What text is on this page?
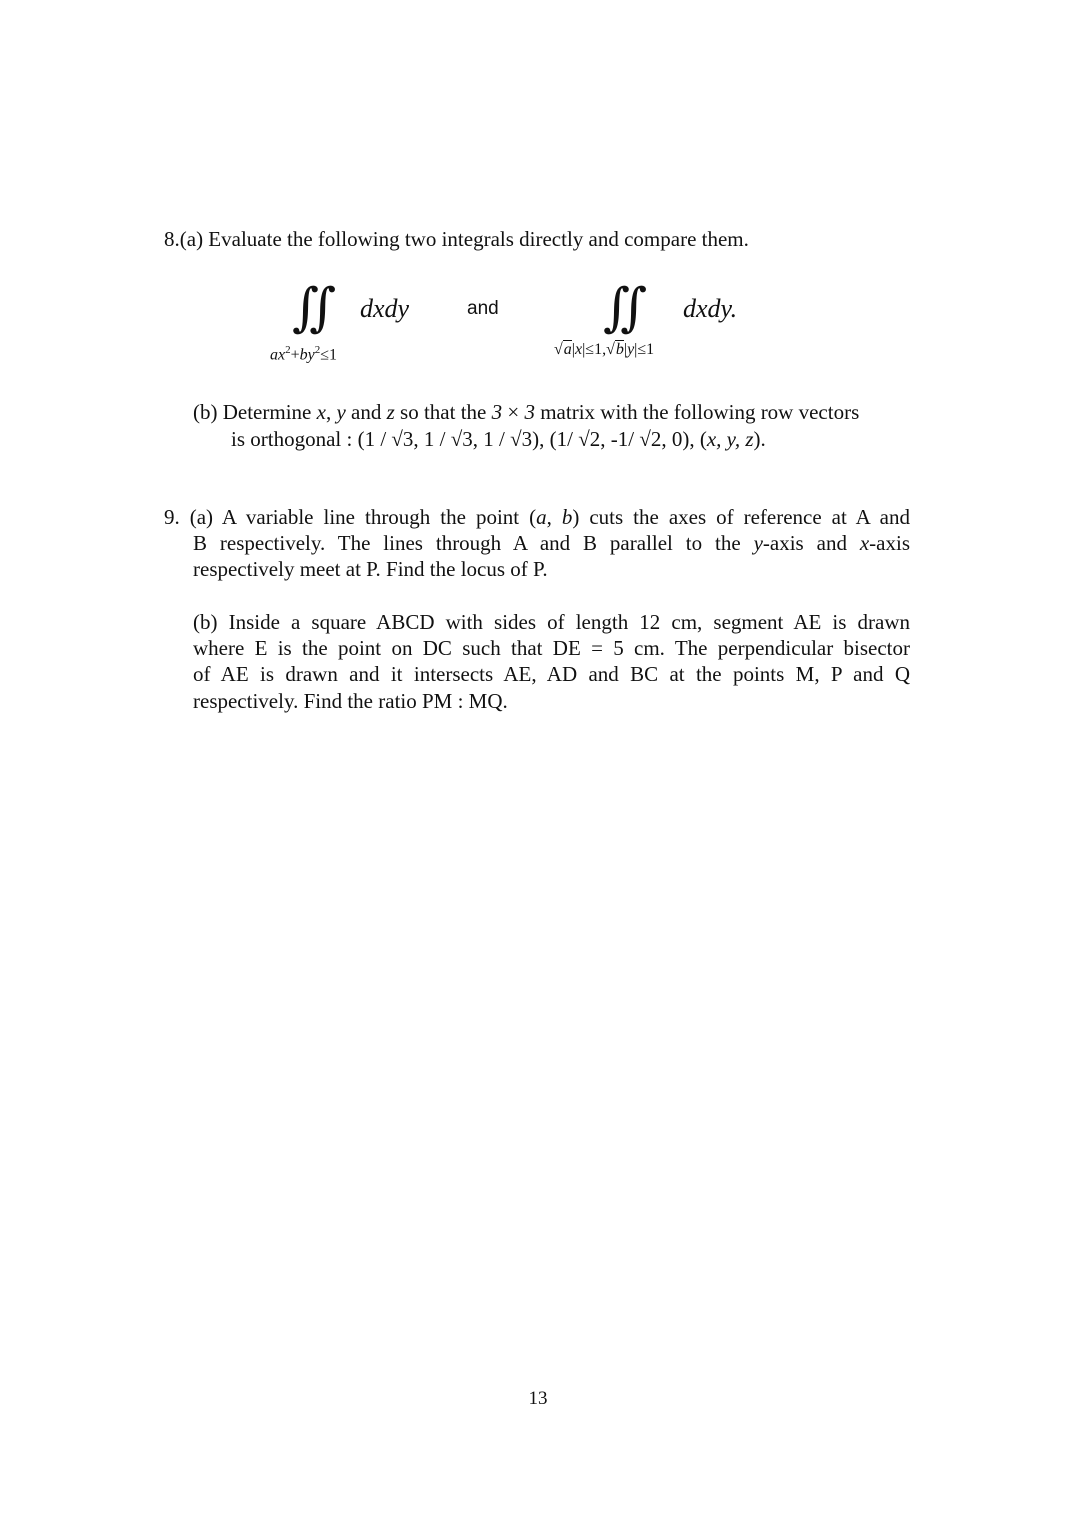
8.(a) Evaluate the following two integrals directly and compare them.
∬ dxdy
$ax^2+by^2\le 1$
and ∬ dxdy.
√a|x|≤1,√b|y|≤1
(b) Determine x, y and z so that the 3 × 3 matrix with the following row vectors
is orthogonal : (1 / √3, 1 / √3, 1 / √3), (1/ √2, -1/ √2, 0), (x, y, z).
9. (a) A variable line through the point (a, b) cuts the axes of reference at A and
B respectively. The lines through A and B parallel to the y-axis and x-axis
respectively meet at P. Find the locus of P.
(b) Inside a square ABCD with sides of length 12 cm, segment AE is drawn
where E is the point on DC such that DE = 5 cm. The perpendicular bisector
of AE is drawn and it intersects AE, AD and BC at the points M, P and Q
respectively. Find the ratio PM : MQ.
13
